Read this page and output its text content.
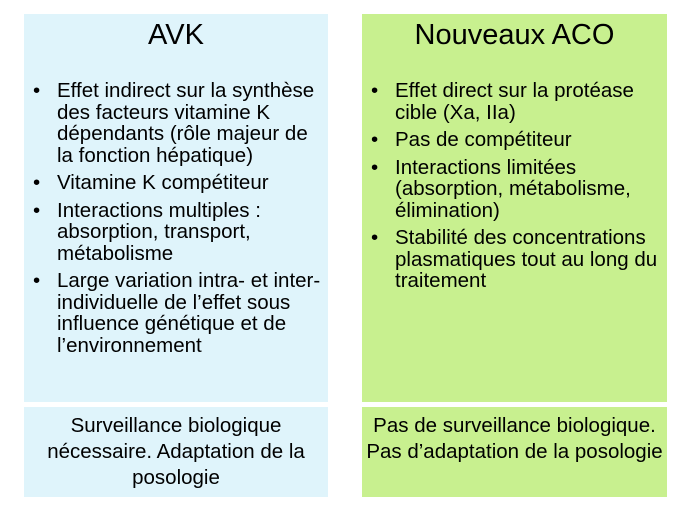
AVK
• Effet indirect sur la synthèse des facteurs vitamine K dépendants (rôle majeur de la fonction hépatique)
• Vitamine K compétiteur
• Interactions multiples : absorption, transport, métabolisme
• Large variation intra- et inter-individuelle de l’effet sous influence génétique et de l’environnement
Nouveaux ACO
• Effet direct sur la protéase cible (Xa, IIa)
• Pas de compétiteur
• Interactions limitées (absorption, métabolisme, élimination)
• Stabilité des concentrations plasmatiques tout au long du traitement
Surveillance biologique nécessaire. Adaptation de la posologie
Pas de surveillance biologique. Pas d’adaptation de la posologie
